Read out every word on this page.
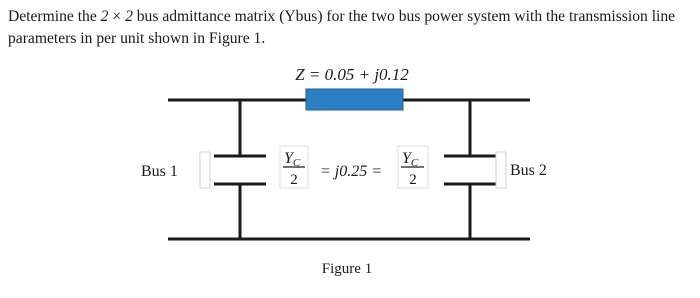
Determine the 2 × 2 bus admittance matrix (Ybus) for the two bus power system with the transmission line parameters in per unit shown in Figure 1.
Z = 0.05 + j0.12
Bus 1	Bus 2
YC
2 = j0.25 =
YC
2
Figure 1
